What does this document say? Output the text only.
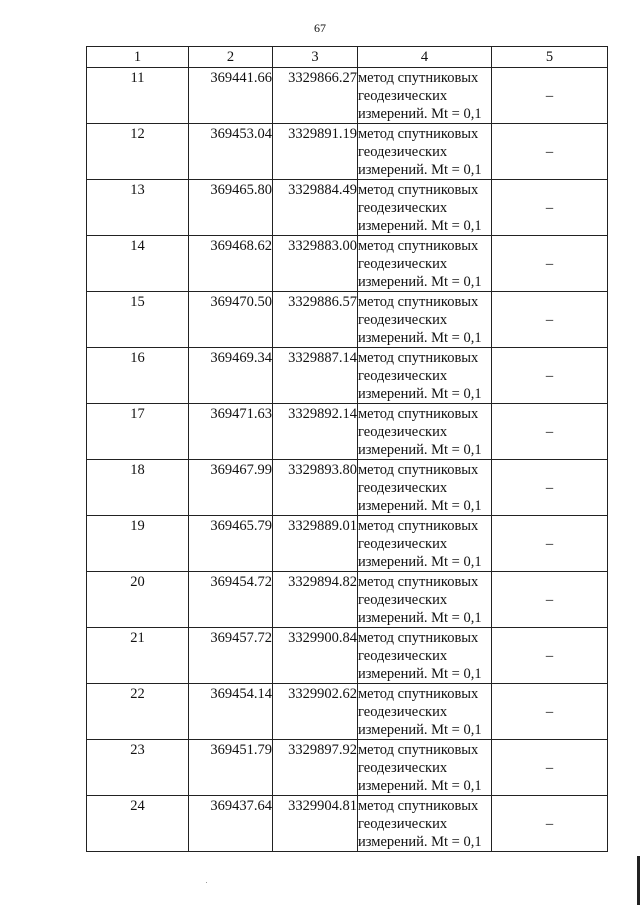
67
1	2	3	4	5
11	369441.66	3329866.27	метод спутниковых
геодезических
измерений. Mt = 0,1	–
12	369453.04	3329891.19	метод спутниковых
геодезических
измерений. Mt = 0,1	–
13	369465.80	3329884.49	метод спутниковых
геодезических
измерений. Mt = 0,1	–
14	369468.62	3329883.00	метод спутниковых
геодезических
измерений. Mt = 0,1	–
15	369470.50	3329886.57	метод спутниковых
геодезических
измерений. Mt = 0,1	–
16	369469.34	3329887.14	метод спутниковых
геодезических
измерений. Mt = 0,1	–
17	369471.63	3329892.14	метод спутниковых
геодезических
измерений. Mt = 0,1	–
18	369467.99	3329893.80	метод спутниковых
геодезических
измерений. Mt = 0,1	–
19	369465.79	3329889.01	метод спутниковых
геодезических
измерений. Mt = 0,1	–
20	369454.72	3329894.82	метод спутниковых
геодезических
измерений. Mt = 0,1	–
21	369457.72	3329900.84	метод спутниковых
геодезических
измерений. Mt = 0,1	–
22	369454.14	3329902.62	метод спутниковых
геодезических
измерений. Mt = 0,1	–
23	369451.79	3329897.92	метод спутниковых
геодезических
измерений. Mt = 0,1	–
24	369437.64	3329904.81	метод спутниковых
геодезических
измерений. Mt = 0,1	–
